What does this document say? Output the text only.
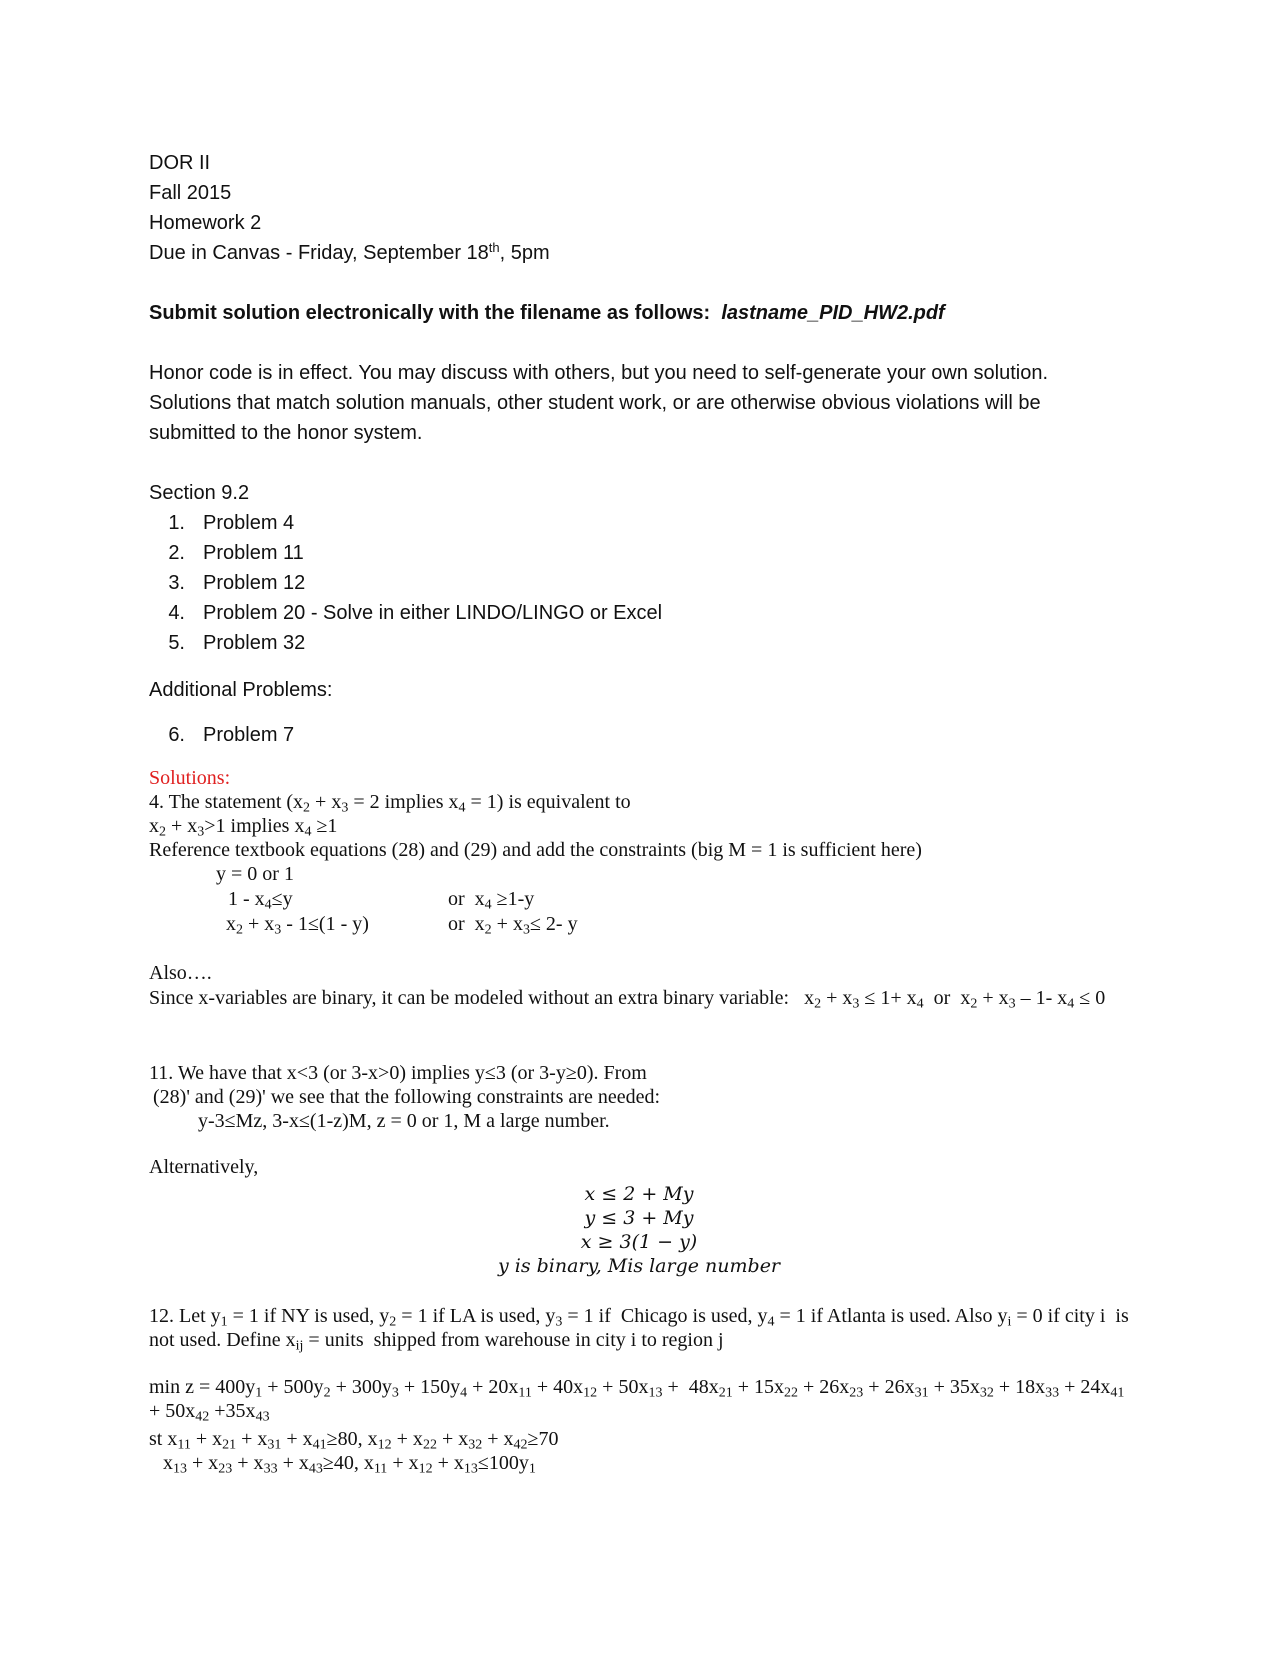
DOR II
Fall 2015
Homework 2
Due in Canvas - Friday, September 18th, 5pm
Submit solution electronically with the filename as follows: lastname_PID_HW2.pdf
Honor code is in effect. You may discuss with others, but you need to self-generate your own solution.
Solutions that match solution manuals, other student work, or are otherwise obvious violations will be
submitted to the honor system.
Section 9.2
1. Problem 4
2. Problem 11
3. Problem 12
4. Problem 20 - Solve in either LINDO/LINGO or Excel
5. Problem 32
Additional Problems:
6. Problem 7
Solutions:
4. The statement ($x_2 + x_3 = 2$ implies $x_4 = 1$) is equivalent to
$x_2 + x_3>1$ implies $x_4 \ge 1$
Reference textbook equations (28) and (29) and add the constraints (big M = 1 is sufficient here)
y = 0 or 1
$1 - x_4\le y$	or  $x_4 \ge 1-y$
$x_2 + x_3 - 1\le(1 - y)$	or  $x_2 + x_3\le 2-$ y
Also….
Since x-variables are binary, it can be modeled without an extra binary variable:   $x_2 + x_3 \le 1+ x_4$  or  $x_2 + x_3 - 1-$ $x_4 \le 0$
11. We have that x<3 (or 3-x>0) implies y≤3 (or 3-y≥0). From
(28)' and (29)' we see that the following constraints are needed:
y-3≤Mz, 3-x≤(1-z)M, z = 0 or 1, M a large number.
Alternatively,
x ≤ 2 + My
y ≤ 3 + My
x ≥ 3(1 − y)
y is binary, Mis large number
12. Let $y_1 = 1$ if NY is used, $y_2 = 1$ if LA is used, $y_3 = 1$ if  Chicago is used, $y_4 = 1$ if Atlanta is used. Also $y_i = 0$ if city i  is
not used. Define $x_{ij}$ = units  shipped from warehouse in city i to region j
$\min z = 400y_1 + 500y_2 + 300y_3 + 150y_4 + 20x_{11} + 40x_{12} + 50x_{13} + 48x_{21} + 15x_{22} + 26x_{23} + 26x_{31} + 35x_{32} + 18x_{33} + 24x_{41}$
+ $50x_{42} +35x_{43}$
st $x_{11} + x_{21} + x_{31} + x_{41}\ge 80$, $x_{12} + x_{22} + x_{32} + x_{42}\ge 70$
$x_{13} + x_{23} + x_{33} + x_{43}\ge 40$, $x_{11} + x_{12} + x_{13}\le 100y_1$
